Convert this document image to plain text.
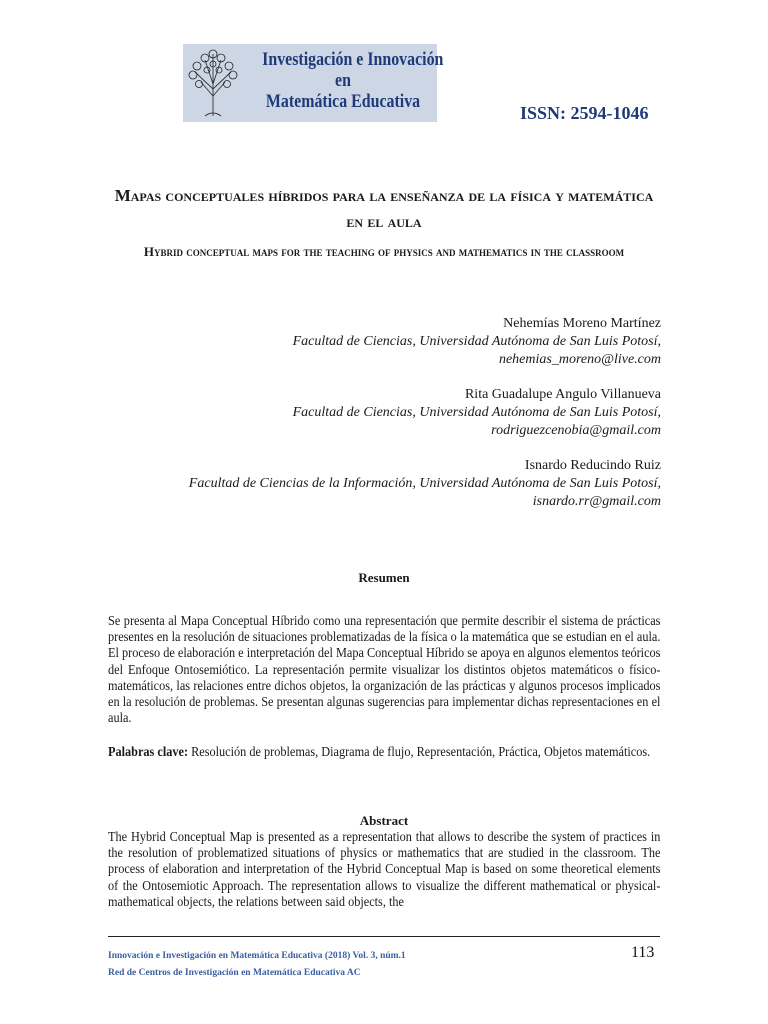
Investigación e Innovación
en
Matemática Educativa
ISSN: 2594-1046
Mapas conceptuales híbridos para la enseñanza de la física y matemática en el aula
Hybrid conceptual maps for the teaching of physics and mathematics in the classroom
Nehemías Moreno Martínez
Facultad de Ciencias, Universidad Autónoma de San Luis Potosí,
nehemias_moreno@live.com
Rita Guadalupe Angulo Villanueva
Facultad de Ciencias, Universidad Autónoma de San Luis Potosí,
rodriguezcenobia@gmail.com
Isnardo Reducindo Ruiz
Facultad de Ciencias de la Información, Universidad Autónoma de San Luis Potosí,
isnardo.rr@gmail.com
Resumen
Se presenta al Mapa Conceptual Híbrido como una representación que permite describir el sistema de prácticas presentes en la resolución de situaciones problematizadas de la física o la matemática que se estudian en el aula. El proceso de elaboración e interpretación del Mapa Conceptual Híbrido se apoya en algunos elementos teóricos del Enfoque Ontosemiótico. La representación permite visualizar los distintos objetos matemáticos o físico-matemáticos, las relaciones entre dichos objetos, la organización de las prácticas y algunos procesos implicados en la resolución de problemas. Se presentan algunas sugerencias para implementar dichas representaciones en el aula.
Palabras clave: Resolución de problemas, Diagrama de flujo, Representación, Práctica, Objetos matemáticos.
Abstract
The Hybrid Conceptual Map is presented as a representation that allows to describe the system of practices in the resolution of problematized situations of physics or mathematics that are studied in the classroom. The process of elaboration and interpretation of the Hybrid Conceptual Map is based on some theoretical elements of the Ontosemiotic Approach. The representation allows to visualize the different mathematical or physical-mathematical objects, the relations between said objects, the
Innovación e Investigación en Matemática Educativa (2018) Vol. 3, núm.1
Red de Centros de Investigación en Matemática Educativa AC
113
